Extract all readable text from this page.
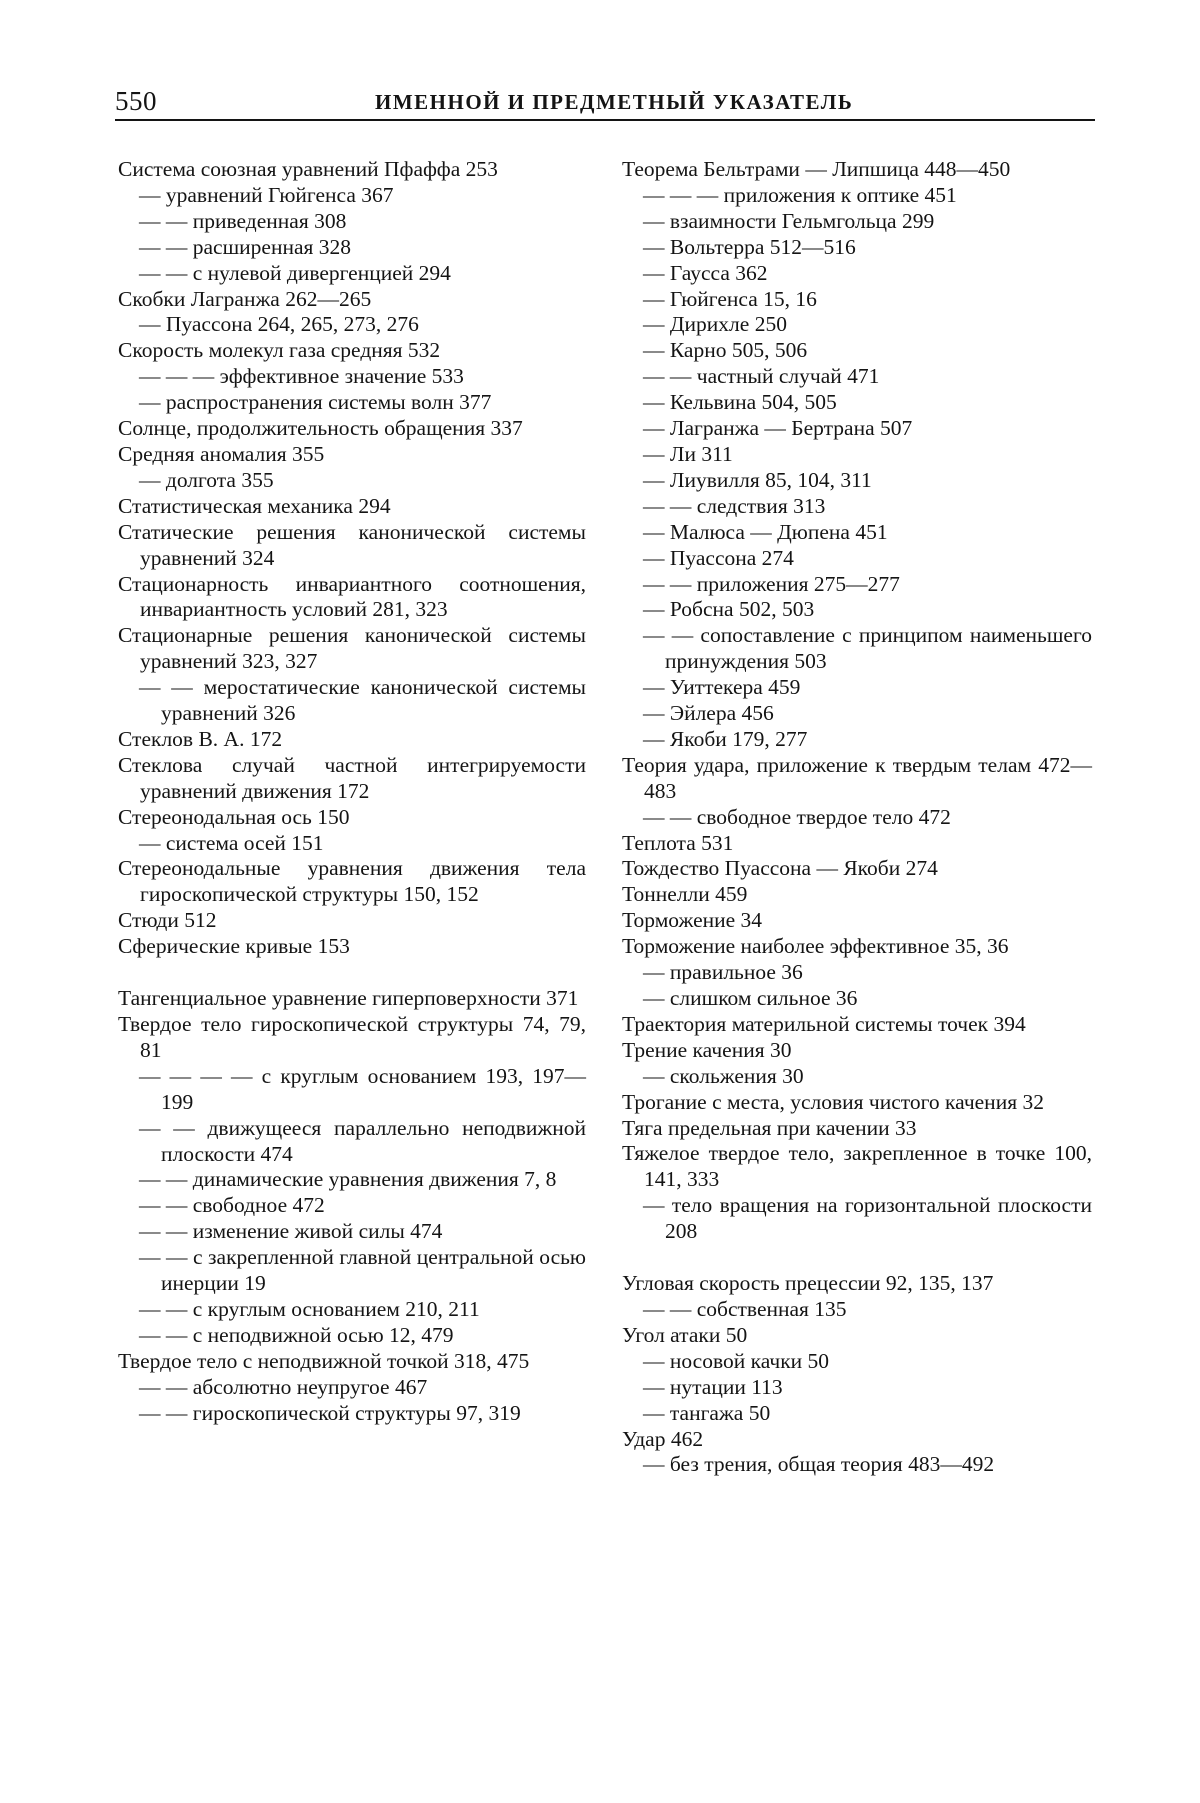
550	ИМЕННОЙ И ПРЕДМЕТНЫЙ УКАЗАТЕЛЬ

Система союзная уравнений Пфаффа 253

— уравнений Гюйгенса 367

— — приведенная 308

— — расширенная 328

— — с нулевой дивергенцией 294

Скобки Лагранжа 262—265

— Пуассона 264, 265, 273, 276

Скорость молекул газа средняя 532

— — — эффективное значение 533

— распространения системы волн 377

Солнце, продолжительность обращения 337

Средняя аномалия 355

— долгота 355

Статистическая механика 294

Статические решения канонической системы уравнений 324

Стационарность инвариантного соотношения, инвариантность условий 281, 323

Стационарные решения канонической системы уравнений 323, 327

— — меростатические канонической системы уравнений 326

Стеклов В. А. 172

Стеклова случай частной интегрируемости уравнений движения 172

Стереонодальная ось 150

— система осей 151

Стереонодальные уравнения движения тела гироскопической структуры 150, 152

Стюди 512

Сферические кривые 153

Тангенциальное уравнение гиперповерхности 371

Твердое тело гироскопической структуры 74, 79, 81

— — — — с круглым основанием 193, 197—199

— — движущееся параллельно неподвижной плоскости 474

— — динамические уравнения движения 7, 8

— — свободное 472

— — изменение живой силы 474

— — с закрепленной главной центральной осью инерции 19

— — с круглым основанием 210, 211

— — с неподвижной осью 12, 479

Твердое тело с неподвижной точкой 318, 475

— — абсолютно неупругое 467

— — гироскопической структуры 97, 319

Теорема Бельтрами — Липшица 448—450

— — — приложения к оптике 451

— взаимности Гельмгольца 299

— Вольтерра 512—516

— Гаусса 362

— Гюйгенса 15, 16

— Дирихле 250

— Карно 505, 506

— — частный случай 471

— Кельвина 504, 505

— Лагранжа — Бертрана 507

— Ли 311

— Лиувилля 85, 104, 311

— — следствия 313

— Малюса — Дюпена 451

— Пуассона 274

— — приложения 275—277

— Робсна 502, 503

— — сопоставление с принципом наименьшего принуждения 503

— Уиттекера 459

— Эйлера 456

— Якоби 179, 277

Теория удара, приложение к твердым телам 472—483

— — свободное твердое тело 472

Теплота 531

Тождество Пуассона — Якоби 274

Тоннелли 459

Торможение 34

Торможение наиболее эффективное 35, 36

— правильное 36

— слишком сильное 36

Траектория материльной системы точек 394

Трение качения 30

— скольжения 30

Трогание с места, условия чистого качения 32

Тяга предельная при качении 33

Тяжелое твердое тело, закрепленное в точке 100, 141, 333

— тело вращения на горизонтальной плоскости 208

Угловая скорость прецессии 92, 135, 137

— — собственная 135

Угол атаки 50

— носовой качки 50

— нутации 113

— тангажа 50

Удар 462

— без трения, общая теория 483—492
